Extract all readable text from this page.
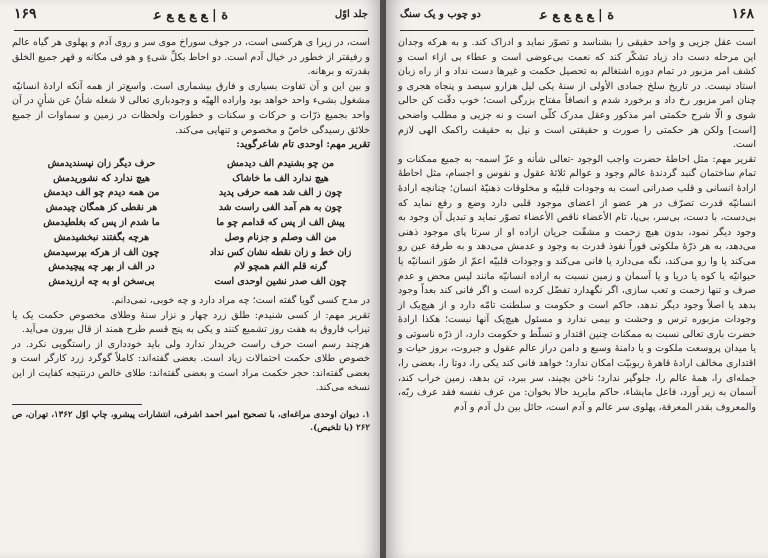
۱۶۹	ﺓ | ﻊ ﻊ ﻊ ﻊ ﻋ	جلد اوّل

است، در زیرا ی هرکسی است، در جوف سوراخ موی سر و روی آدم و پهلوی هر گیاه عالم و رفیقتر از خطور در خیال آدم است. دو احاط بکلِّ شیءٍ و هو فی مکانه و قهر جمیع الخلق بقدرته و برهانه.

و بین این و آن تفاوت بسیاری و فارق بیشماری است. واسع‌تر از همه آنکه ارادهٔ انسانیّه مشغول بشیء واحد خواهد بود واراده الهیّه و وجودباری تعالی لا شغله شأنٌ عن شأنٍ در آن واحد بجمیع ذرّات و حرکات و سکنات و خطورات ولحظات در زمین و سماوات از جمیع خلائق رسیدگی خاصّ و مخصوص و تنهایی می‌کند.

تقریر مهم: اوحدی تام شاعرگوید:

من چو بشنیدم الف دیدمش
حرف دیگر زان نپسندیدمش
هیچ ندارد الف ما خاشاک
هیچ ندارد که نشوریدمش
چون ز الف شد همه حرفی پدید
من همه دیدم چو الف دیدمش
چون به هم آمد الفی راست شد
هر نقطی کز همگان چیدمش
پیش الف از پس که قدامم چو ما
ما شدم از پس که بغلطیدمش
من الف وصلم و جزنام وصل
هرچه بگفتند نبخشیدمش
زان خط و زان نقطه نشان کس نداد
چون الف از هرکه بپرسیدمش
گرنه قلم الفم همچو لام
در الف از بهر چه پیچیدمش
چون الف صدر نشین اوحدی است
بی‌سخن او به چه ارزیدمش

در مدح کسی گویا گفته است؛ چه مراد دارد و چه خوبی، نمی‌دانم.

تقریر مهم: از کسی شنیدم: طلق زرد چهار و نزار سنهٔ وطلای مخصوص حکمت یک یا نیزاب فاروق به هفت روز تشمیع کنند و یکی به پنج قسم طرح همند از قال بیرون می‌آید.

هرچند رسم است حرف راست خریدار ندارد ولی باید خودداری از راستگویی نکرد. در خصوص طلای حکمت احتمالات زیاد است. بعضی گفته‌اند: کاملاً گوگرد زرد کارگر است و بعضی گفته‌اند: حجر حکمت مراد است و بعضی گفته‌اند: طلای خالص درنتیجه کفایت از این نسخه می‌کند.

۱. دیوان اوحدی مراغه‌ای، با تصحیح امیر احمد اشرفی، انتشارات پیشرو، چاپ اوّل ۱۳۶۲، تهران، ص ۲۶۲ (با تلخیص).

۱۶۸
ﺓ | ﻊ ﻊ ﻊ ﻊ ﻋ
دو چوب و یک سنگ

است عقل جزیی و واحد حقیقی را بشناسد و تصوّر نماید و ادراک کند. و به هرکه وجدان این مرحله دست داد زیاد تشکّر کند که نعمت بی‌عوضی است و عطاء بی ازاء است و کشف امر مزبور در تمام دوره اشتغالم به تحصیل حکمت و غیرها دست نداد و از راه زبان استاد نیست. در تاریخ سلخ جمادی الأولی از سنهٔ یکی لیل هزارو سیصد و پنجاه هجری و چنان امر مزبور رخ داد و برخورد شدم و انصافاً مفتاح بزرگی است؛ خوب دقّت کن حالی شوی و الّا شرح حکمتی امر مذکور وعقل مدرک کلّی است و نه جزیی و مطلب واضحی [است] ولکن هر حکمتی را صورت و حقیقتی است و نیل به حقیقت راکمک الهی لازم است.

تقریر مهم: مثل احاطهٔ حضرت واجب الوجود -تعالی شأنه و عزّ اسمه- به جمیع ممکنات و تمام ساختمان گنبد گردندهٔ عالم وجود و عوالم ثلاثهٔ عقول و نفوس و اجسام، مثل احاطهٔ ارادهٔ انسانی و قلب صدرانی است به وجودات قلبیّه و مخلوقات ذهنیّهٔ انسان؛ چنانچه ارادهٔ انسانیّه قدرت تصرّف در هر عضو از اعضای موجود قلبی دارد وضع و رفع نماید که بی‌دست، با دست، بی‌سر، بی‌پا، تام الأعضاء ناقص الأعضاء تصوّر نماید و تبدیل آن وجود به وجود دیگر نمود، بدون هیچ زحمت و مشقّت جریان اراده او از سرتا پای موجود ذهنی می‌دهد، به هر ذرّهٔ ملکوتی فوراً نفوذ قدرت به وجود و عدمش می‌دهد و به طرفة عین رو می‌کند یا وا رو می‌کند، نگه می‌دارد یا فانی می‌کند و وجودات قلبیّه اعمّ از صُوَر انسانیّه یا حیوانیّه یا کوه یا دریا و یا آسمان و زمین نسبت به اراده انسانیّه مانند لیس محض و عدم صرف و تنها زحمت و تعب سازی، اگر نگهدارد تفضّل کرده است و اگر فانی کند بعداً وجود بدهد یا اصلاً وجود دیگر ندهد، حاکم است و حکومت و سلطنت تامّه دارد و از هیچ‌یک از وجودات مزبوره ترس و وحشت و بیمی ندارد و مسئول هیچ‌یک آنها نیست؛ هکذا ارادهٔ حضرت باری تعالی نسبت به ممکنات چنین اقتدار و تسلّط و حکومت دارد، از ذرّه ناسوتی و یا میدان پروسعت ملکوت و یا دامنهٔ وسیع و دامن دراز عالم عقول و جبروت، بروز حیات و اقتداری مخالف ارادهٔ قاهرهٔ ربوبیّت امکان ندارد؛ خواهد فانی کند یکی را، دوتا را، بعضی را، جمله‌ای را، همهٔ عالم را، جلوگیر ندارد؛ ناخن بچیند، سر ببرد، تن بدهد، زمین خراب کند، آسمان به زیر آورد، فاعل مایشاء، حاکم مایرید حالا بخوان: من عرف نفسه فقد عرف ربّه، والمعروف بقدر المعرفة، پهلوی سر عالم و آدم است، حائل بین دل آدم و آدم
